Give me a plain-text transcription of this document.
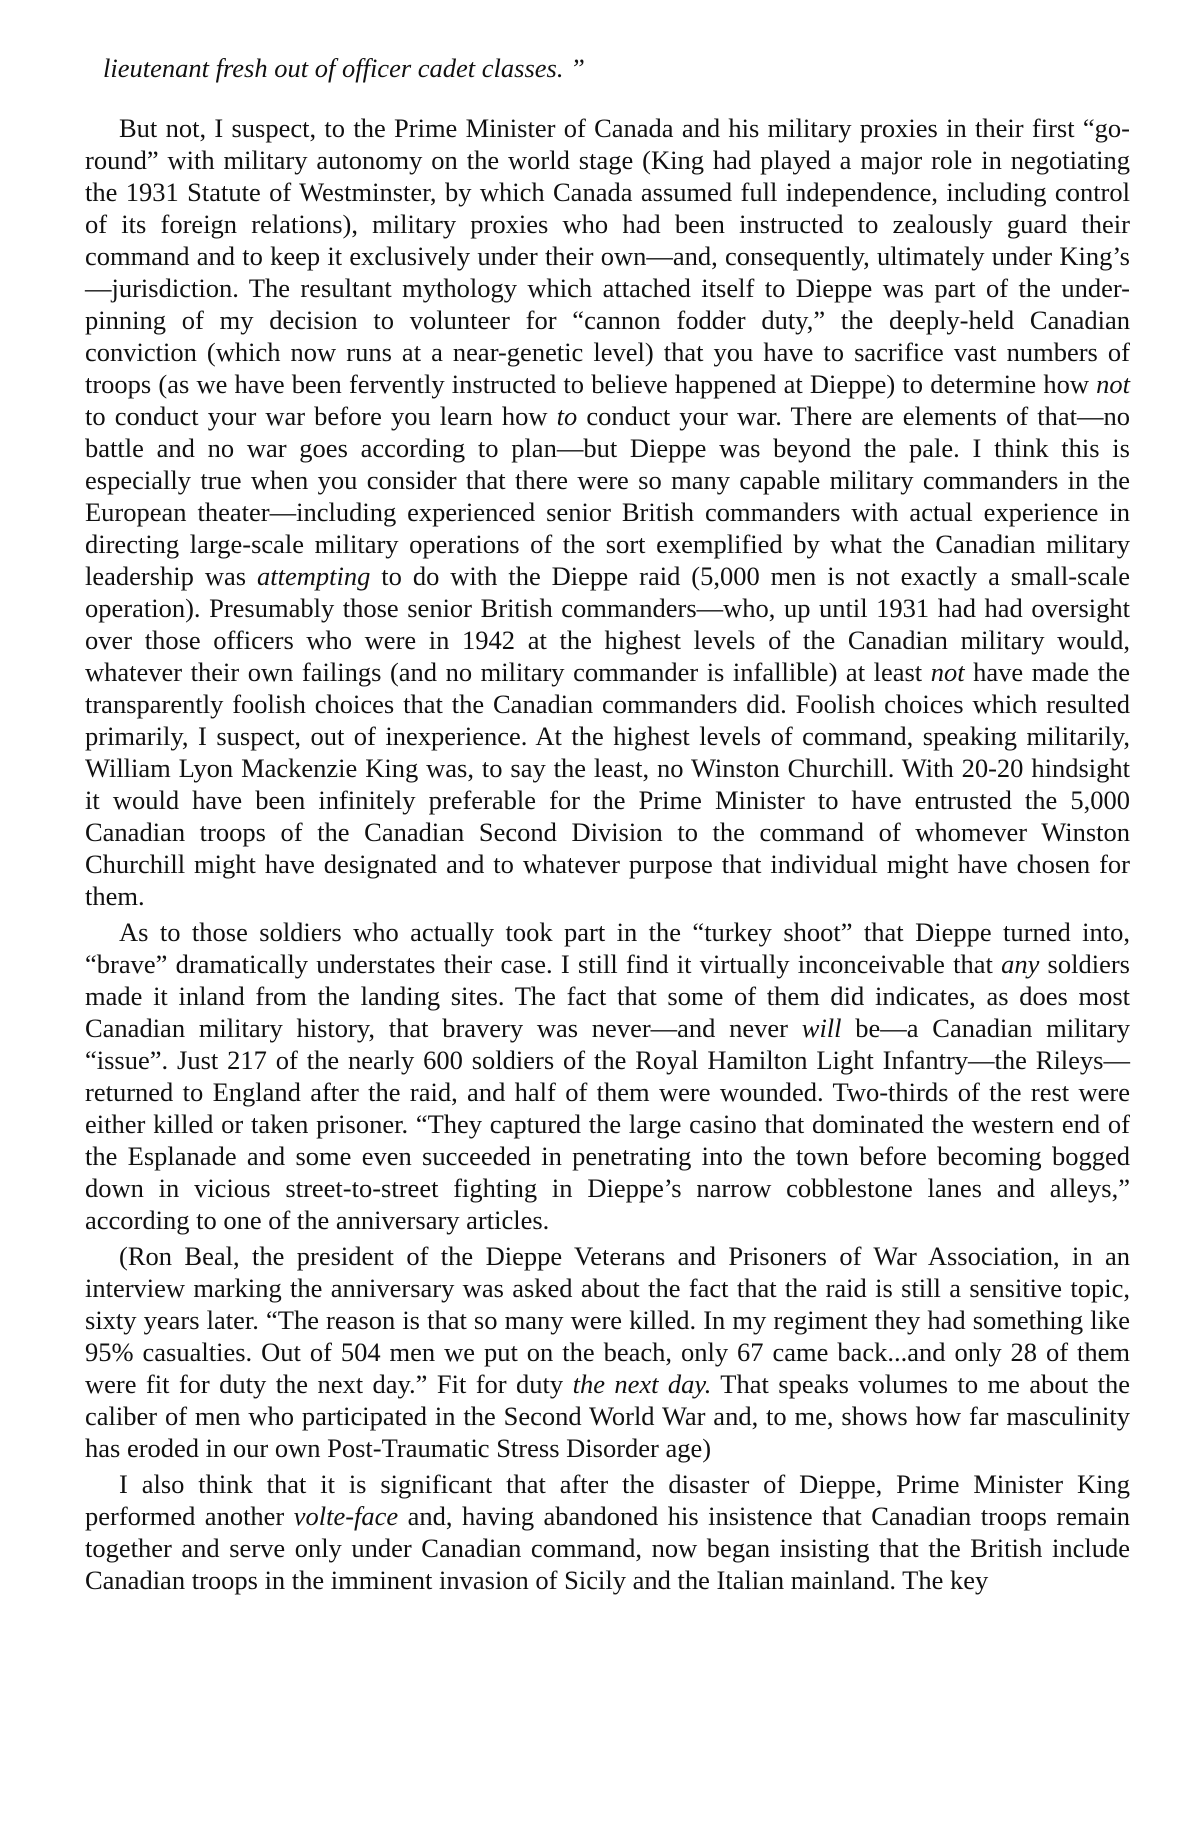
lieutenant fresh out of officer cadet classes. ”

But not, I suspect, to the Prime Minister of Canada and his military proxies in their first “go-round” with military autonomy on the world stage (King had played a major role in negotiating the 1931 Statute of Westminster, by which Canada assumed full independence, including control of its foreign relations), military proxies who had been instructed to zealously guard their command and to keep it exclusively under their own—and, consequently, ultimately under King’s—jurisdiction. The resultant mythology which attached itself to Dieppe was part of the under-pinning of my decision to volunteer for “cannon fodder duty,” the deeply-held Canadian conviction (which now runs at a near-genetic level) that you have to sacrifice vast numbers of troops (as we have been fervently instructed to believe happened at Dieppe) to determine how not to conduct your war before you learn how to conduct your war. There are elements of that—no battle and no war goes according to plan—but Dieppe was beyond the pale. I think this is especially true when you consider that there were so many capable military commanders in the European theater—including experienced senior British commanders with actual experience in directing large-scale military operations of the sort exemplified by what the Canadian military leadership was attempting to do with the Dieppe raid (5,000 men is not exactly a small-scale operation). Presumably those senior British commanders—who, up until 1931 had had oversight over those officers who were in 1942 at the highest levels of the Canadian military would, whatever their own failings (and no military commander is infallible) at least not have made the transparently foolish choices that the Canadian commanders did. Foolish choices which resulted primarily, I suspect, out of inexperience. At the highest levels of command, speaking militarily, William Lyon Mackenzie King was, to say the least, no Winston Churchill. With 20-20 hindsight it would have been infinitely preferable for the Prime Minister to have entrusted the 5,000 Canadian troops of the Canadian Second Division to the command of whomever Winston Churchill might have designated and to whatever purpose that individual might have chosen for them.

As to those soldiers who actually took part in the “turkey shoot” that Dieppe turned into, “brave” dramatically understates their case. I still find it virtually inconceivable that any soldiers made it inland from the landing sites. The fact that some of them did indicates, as does most Canadian military history, that bravery was never—and never will be—a Canadian military “issue”. Just 217 of the nearly 600 soldiers of the Royal Hamilton Light Infantry—the Rileys—returned to England after the raid, and half of them were wounded. Two-thirds of the rest were either killed or taken prisoner. “They captured the large casino that dominated the western end of the Esplanade and some even succeeded in penetrating into the town before becoming bogged down in vicious street-to-street fighting in Dieppe’s narrow cobblestone lanes and alleys,” according to one of the anniversary articles.

(Ron Beal, the president of the Dieppe Veterans and Prisoners of War Association, in an interview marking the anniversary was asked about the fact that the raid is still a sensitive topic, sixty years later. “The reason is that so many were killed. In my regiment they had something like 95% casualties. Out of 504 men we put on the beach, only 67 came back...and only 28 of them were fit for duty the next day.” Fit for duty the next day. That speaks volumes to me about the caliber of men who participated in the Second World War and, to me, shows how far masculinity has eroded in our own Post-Traumatic Stress Disorder age)

I also think that it is significant that after the disaster of Dieppe, Prime Minister King performed another volte-face and, having abandoned his insistence that Canadian troops remain together and serve only under Canadian command, now began insisting that the British include Canadian troops in the imminent invasion of Sicily and the Italian mainland. The key
